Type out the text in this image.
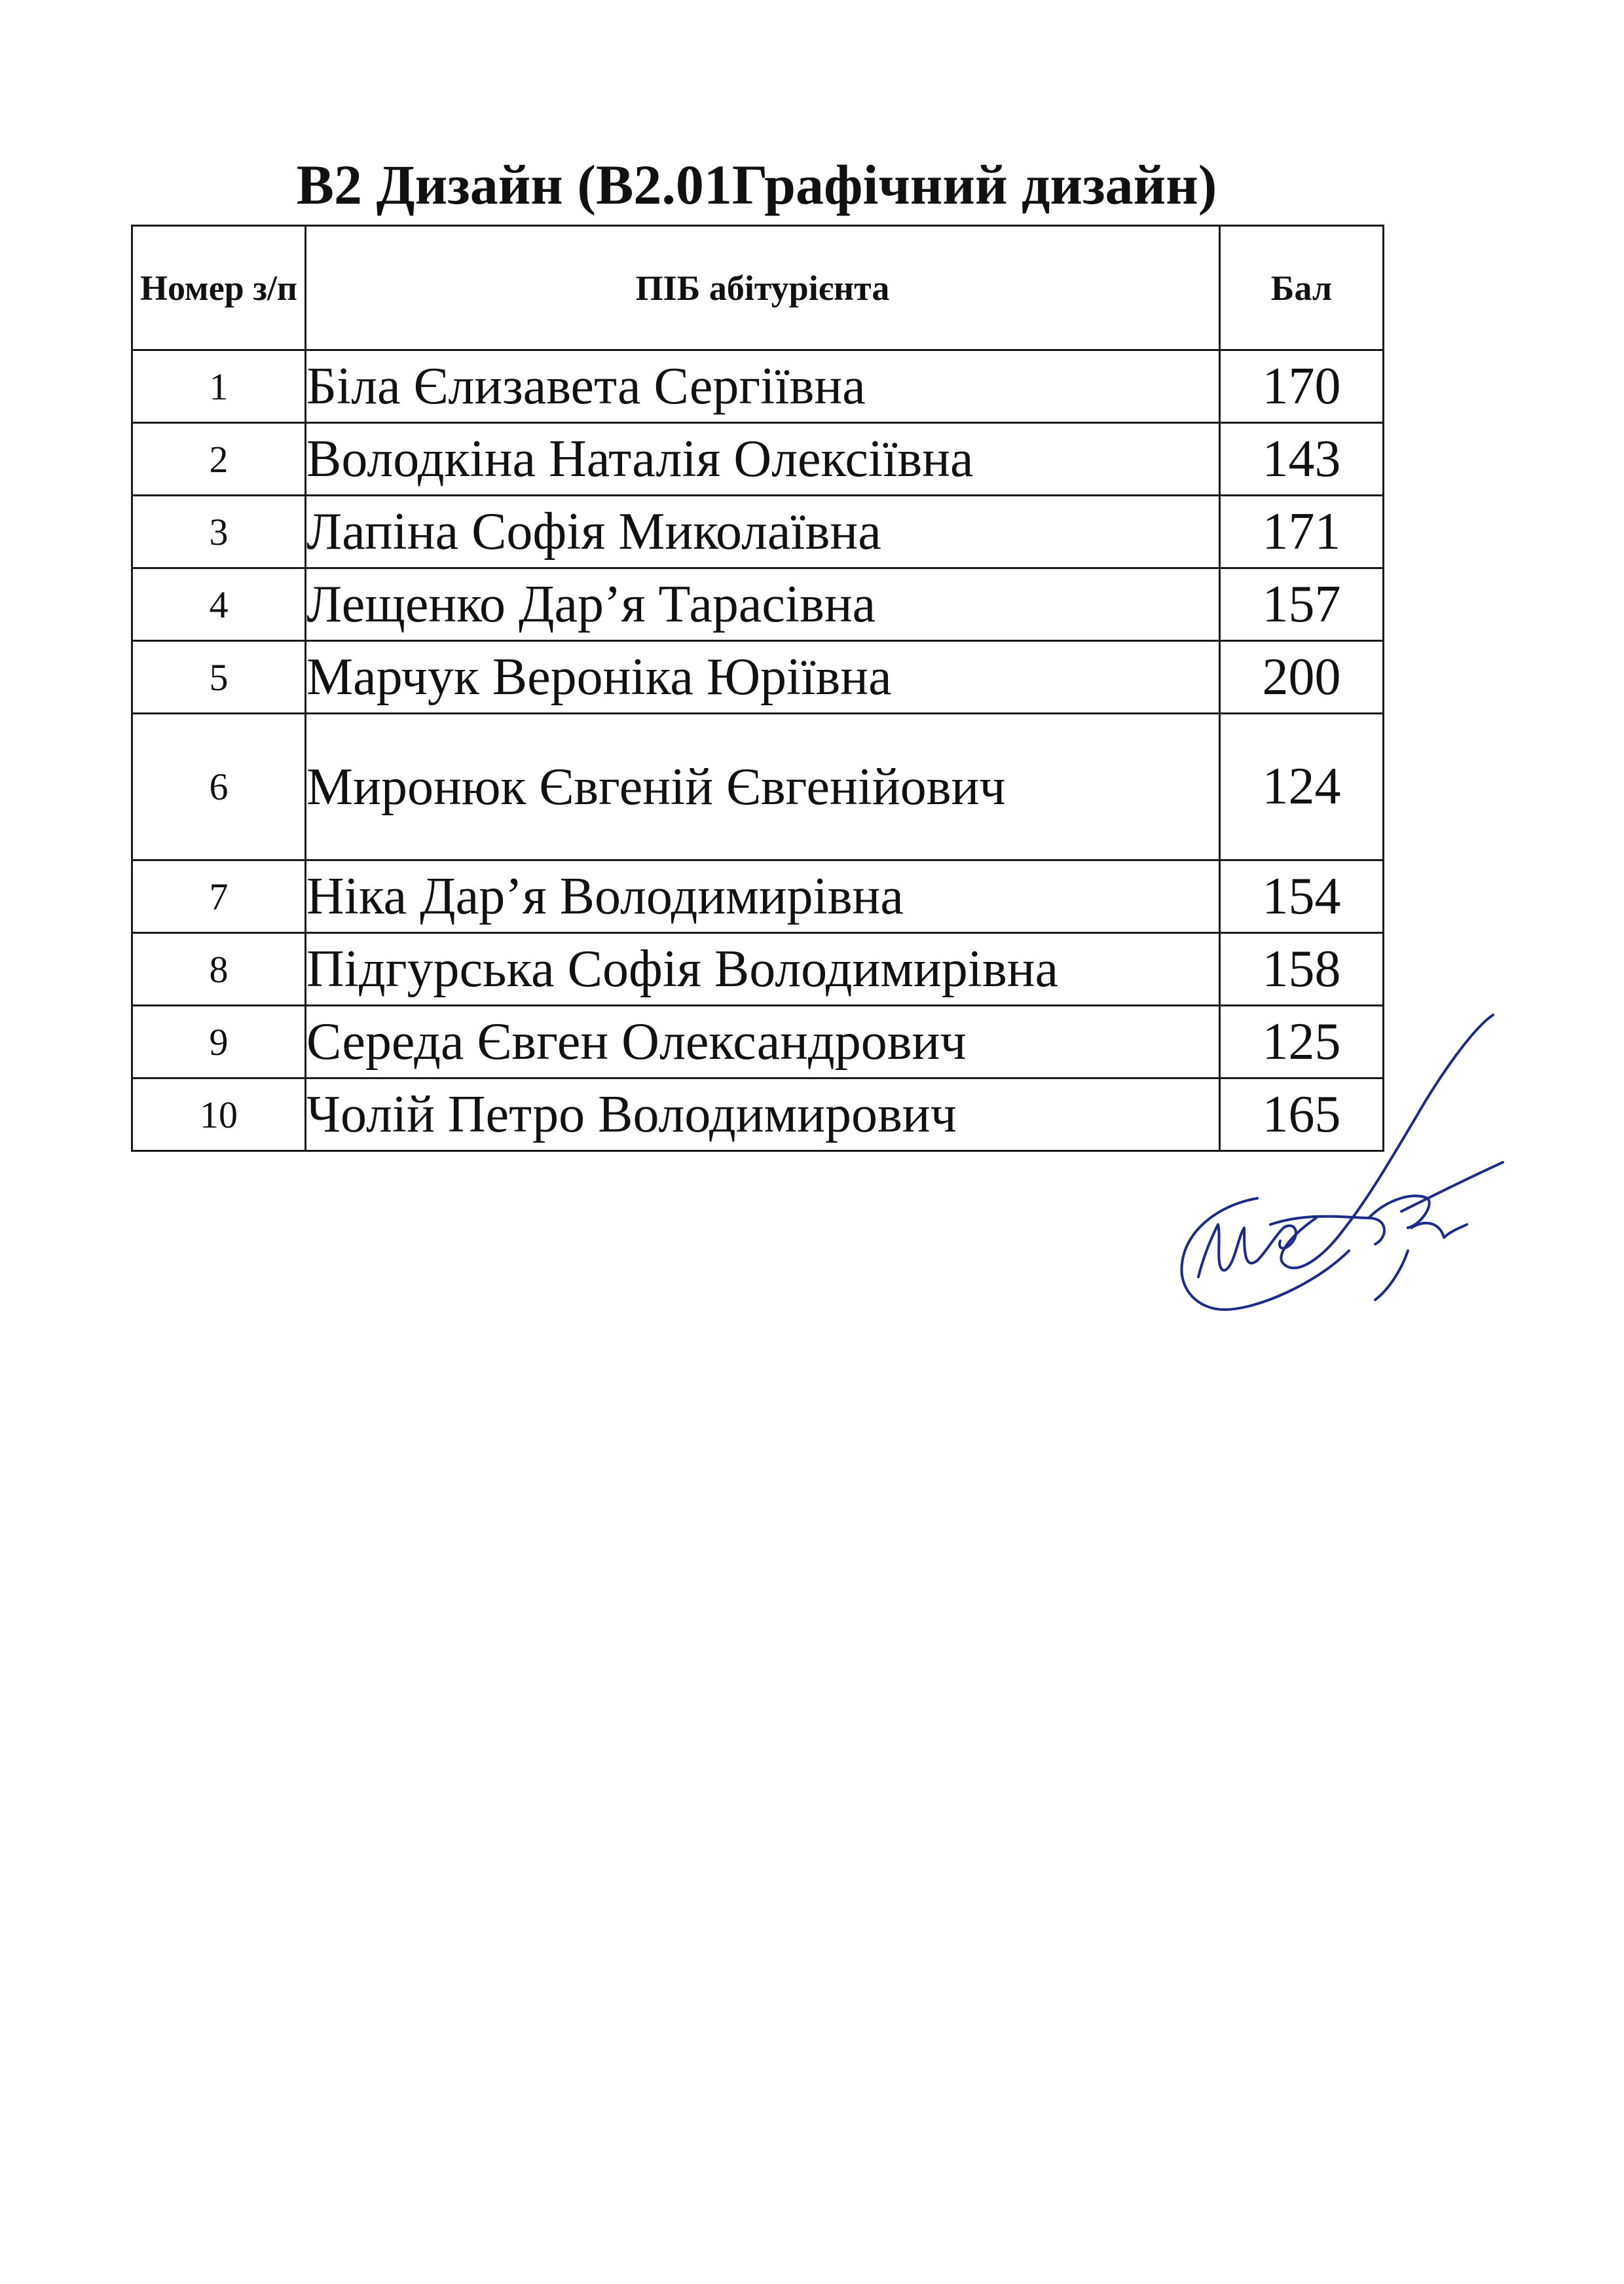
В2 Дизайн (В2.01Графічний дизайн)
Номер з/п	ПІБ абітурієнта	Бал
1	Біла Єлизавета Сергіївна	170
2	Володкіна Наталія Олексіївна	143
3	Лапіна Софія Миколаївна	171
4	Лещенко Дар’я Тарасівна	157
5	Марчук Вероніка Юріївна	200
6	Миронюк Євгеній Євгенійович	124
7	Ніка Дар’я Володимирівна	154
8	Підгурська Софія Володимирівна	158
9	Середа Євген Олександрович	125
10	Чолій Петро Володимирович	165
